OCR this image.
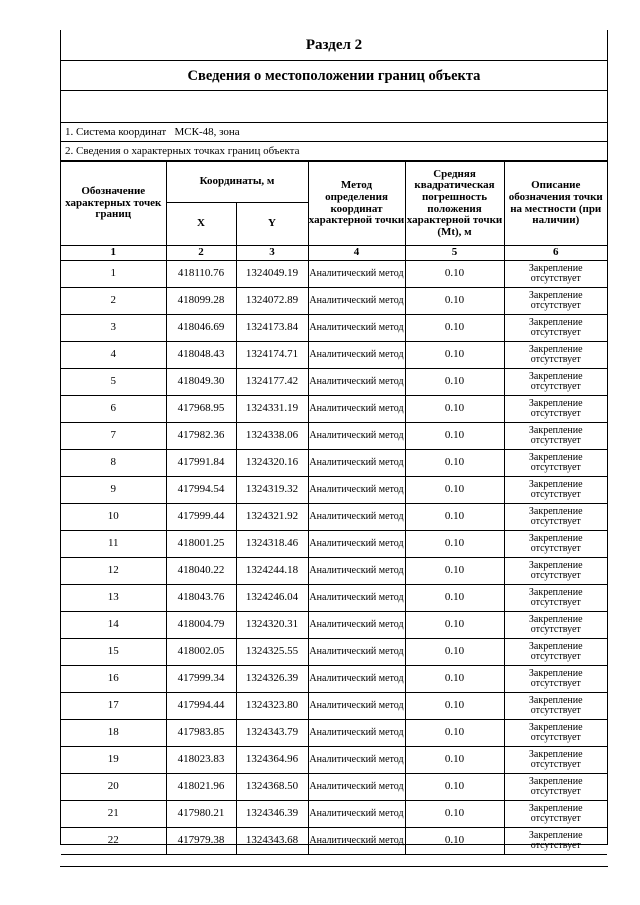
Раздел 2
Сведения о местоположении границ объекта
1. Система координат МСК-48, зона
2. Сведения о характерных точках границ объекта
Обозначение характерных точек границ	Координаты, м		Метод определения координат характерной точки	Средняя квадратическая погрешность положения характерной точки (Mt), м	Описание обозначения точки на местности (при наличии)
	X	Y			
1	2	3	4	5	6
1	418110.76	1324049.19	Аналитический метод	0.10	Закрепление отсутствует
2	418099.28	1324072.89	Аналитический метод	0.10	Закрепление отсутствует
3	418046.69	1324173.84	Аналитический метод	0.10	Закрепление отсутствует
4	418048.43	1324174.71	Аналитический метод	0.10	Закрепление отсутствует
5	418049.30	1324177.42	Аналитический метод	0.10	Закрепление отсутствует
6	417968.95	1324331.19	Аналитический метод	0.10	Закрепление отсутствует
7	417982.36	1324338.06	Аналитический метод	0.10	Закрепление отсутствует
8	417991.84	1324320.16	Аналитический метод	0.10	Закрепление отсутствует
9	417994.54	1324319.32	Аналитический метод	0.10	Закрепление отсутствует
10	417999.44	1324321.92	Аналитический метод	0.10	Закрепление отсутствует
11	418001.25	1324318.46	Аналитический метод	0.10	Закрепление отсутствует
12	418040.22	1324244.18	Аналитический метод	0.10	Закрепление отсутствует
13	418043.76	1324246.04	Аналитический метод	0.10	Закрепление отсутствует
14	418004.79	1324320.31	Аналитический метод	0.10	Закрепление отсутствует
15	418002.05	1324325.55	Аналитический метод	0.10	Закрепление отсутствует
16	417999.34	1324326.39	Аналитический метод	0.10	Закрепление отсутствует
17	417994.44	1324323.80	Аналитический метод	0.10	Закрепление отсутствует
18	417983.85	1324343.79	Аналитический метод	0.10	Закрепление отсутствует
19	418023.83	1324364.96	Аналитический метод	0.10	Закрепление отсутствует
20	418021.96	1324368.50	Аналитический метод	0.10	Закрепление отсутствует
21	417980.21	1324346.39	Аналитический метод	0.10	Закрепление отсутствует
22	417979.38	1324343.68	Аналитический метод	0.10	Закрепление отсутствует
